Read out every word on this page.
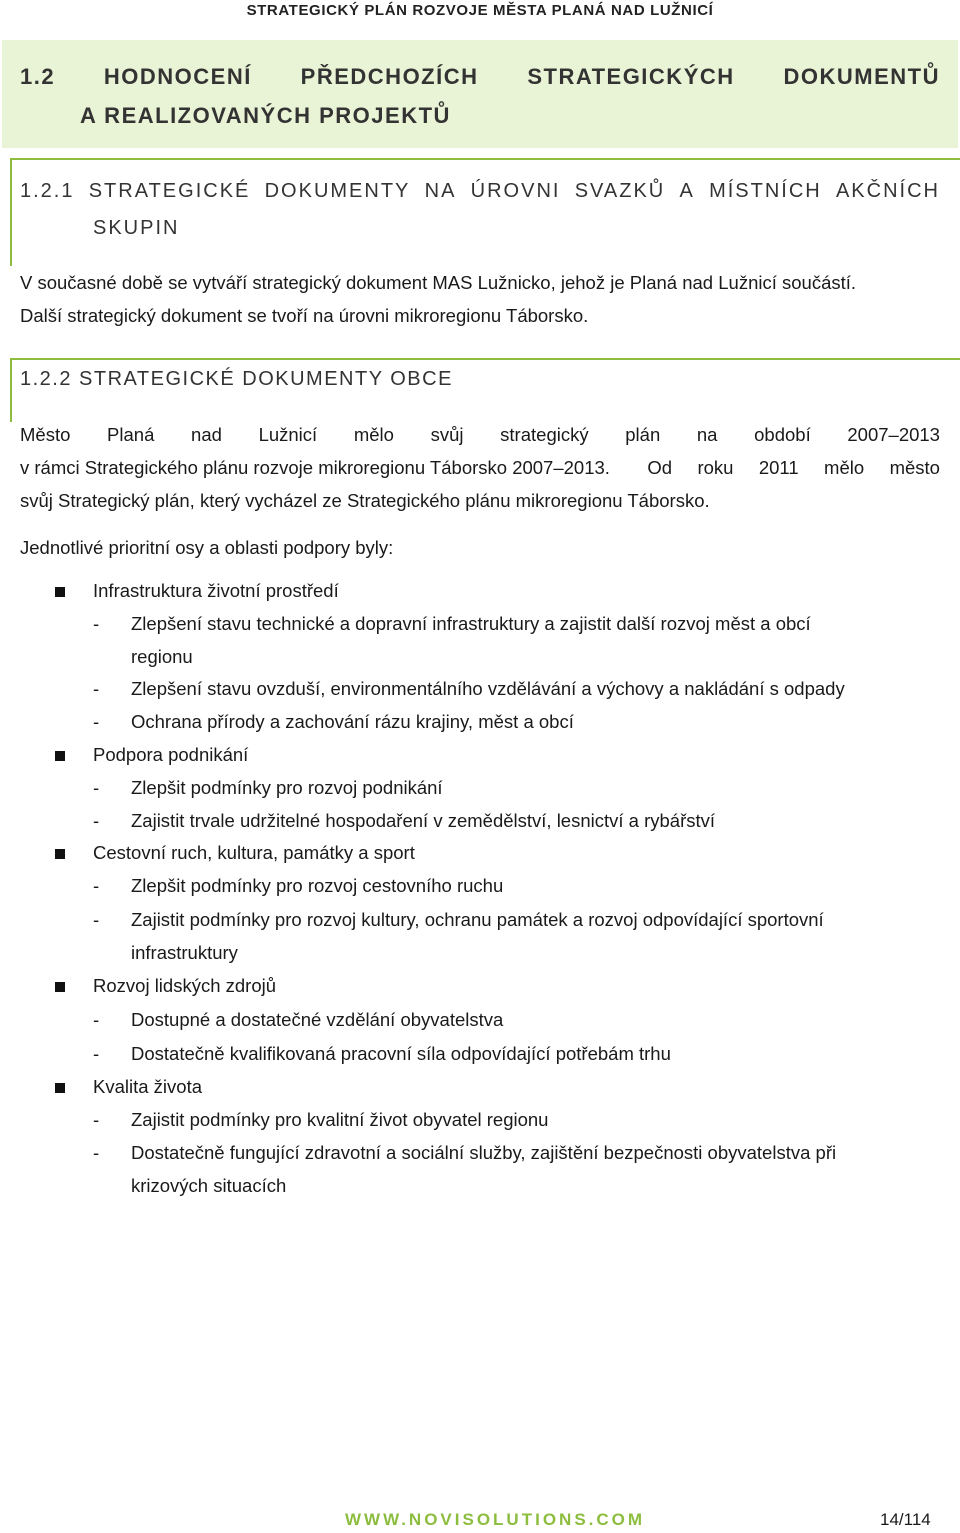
STRATEGICKÝ PLÁN ROZVOJE MĚSTA PLANÁ NAD LUŽNICÍ
1.2 HODNOCENÍ PŘEDCHOZÍCH STRATEGICKÝCH DOKUMENTŮ
A REALIZOVANÝCH PROJEKTŮ
1.2.1 STRATEGICKÉ DOKUMENTY NA ÚROVNI SVAZKŮ A MÍSTNÍCH AKČNÍCH
SKUPIN
V současné době se vytváří strategický dokument MAS Lužnicko, jehož je Planá nad Lužnicí součástí.
Další strategický dokument se tvoří na úrovni mikroregionu Táborsko.
1.2.2 STRATEGICKÉ DOKUMENTY OBCE
Město Planá nad Lužnicí mělo svůj strategický plán na období 2007–2013
v rámci Strategického plánu rozvoje mikroregionu Táborsko 2007–2013. Od roku 2011 mělo město
svůj Strategický plán, který vycházel ze Strategického plánu mikroregionu Táborsko.
Jednotlivé prioritní osy a oblasti podpory byly:
Infrastruktura životní prostředí
- Zlepšení stavu technické a dopravní infrastruktury a zajistit další rozvoj měst a obcí
regionu
- Zlepšení stavu ovzduší, environmentálního vzdělávání a výchovy a nakládání s odpady
- Ochrana přírody a zachování rázu krajiny, měst a obcí
Podpora podnikání
- Zlepšit podmínky pro rozvoj podnikání
- Zajistit trvale udržitelné hospodaření v zemědělství, lesnictví a rybářství
Cestovní ruch, kultura, památky a sport
- Zlepšit podmínky pro rozvoj cestovního ruchu
- Zajistit podmínky pro rozvoj kultury, ochranu památek a rozvoj odpovídající sportovní
infrastruktury
Rozvoj lidských zdrojů
- Dostupné a dostatečné vzdělání obyvatelstva
- Dostatečně kvalifikovaná pracovní síla odpovídající potřebám trhu
Kvalita života
- Zajistit podmínky pro kvalitní život obyvatel regionu
- Dostatečně fungující zdravotní a sociální služby, zajištění bezpečnosti obyvatelstva při
krizových situacích
WWW.NOVISOLUTIONS.COM	14/114
